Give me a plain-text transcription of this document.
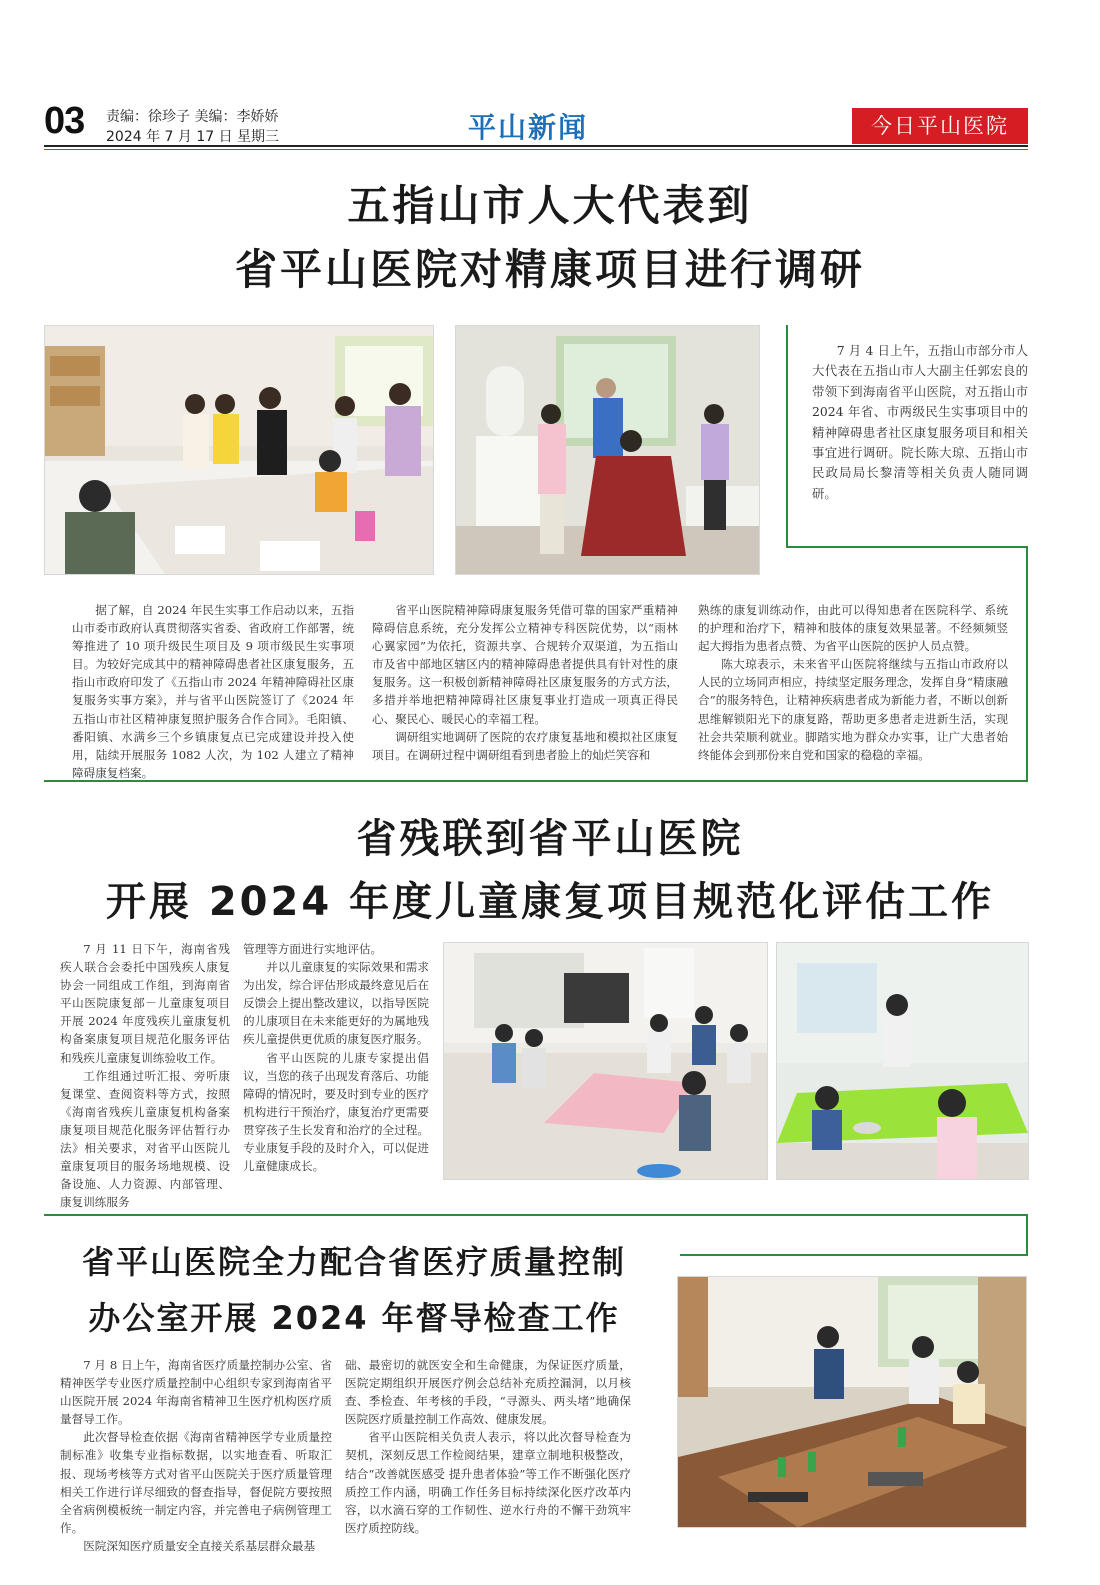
03 责编：徐珍子 美编：李娇娇
2024 年 7 月 17 日 星期三	平山新闻	今日平山医院
五指山市人大代表到
省平山医院对精康项目进行调研

7 月 4 日上午，五指山市部分市人大代表在五指山市人大副主任郭宏良的带领下到海南省平山医院，对五指山市 2024 年省、市两级民生实事项目中的精神障碍患者社区康复服务项目和相关事宜进行调研。院长陈大琼、五指山市民政局局长黎清等相关负责人随同调研。

据了解，自 2024 年民生实事工作启动以来，五指山市委市政府认真贯彻落实省委、省政府工作部署，统筹推进了 10 项升级民生项目及 9 项市级民生实事项目。为较好完成其中的精神障碍患者社区康复服务，五指山市政府印发了《五指山市 2024 年精神障碍社区康复服务实事方案》，并与省平山医院签订了《2024 年五指山市社区精神康复照护服务合作合同》。毛阳镇、番阳镇、水满乡三个乡镇康复点已完成建设并投入使用，陆续开展服务 1082 人次，为 102 人建立了精神障碍康复档案。

省平山医院精神障碍康复服务凭借可靠的国家严重精神障碍信息系统，充分发挥公立精神专科医院优势，以“雨林心翼家园”为依托，资源共享、合规转介双渠道，为五指山市及省中部地区辖区内的精神障碍患者提供具有针对性的康复服务。这一积极创新精神障碍社区康复服务的方式方法，多措并举地把精神障碍社区康复事业打造成一项真正得民心、聚民心、暖民心的幸福工程。

调研组实地调研了医院的农疗康复基地和模拟社区康复项目。在调研过程中调研组看到患者脸上的灿烂笑容和

熟练的康复训练动作，由此可以得知患者在医院科学、系统的护理和治疗下，精神和肢体的康复效果显著。不经频频竖起大拇指为患者点赞、为省平山医院的医护人员点赞。

陈大琼表示，未来省平山医院将继续与五指山市政府以人民的立场同声相应，持续坚定服务理念，发挥自身“精康融合”的服务特色，让精神疾病患者成为新能力者，不断以创新思维解锁阳光下的康复路，帮助更多患者走进新生活，实现社会共荣顺利就业。脚踏实地为群众办实事，让广大患者始终能体会到那份来自党和国家的稳稳的幸福。

省残联到省平山医院
开展 2024 年度儿童康复项目规范化评估工作

7 月 11 日下午，海南省残疾人联合会委托中国残疾人康复协会一同组成工作组，到海南省平山医院康复部－儿童康复项目开展 2024 年度残疾儿童康复机构备案康复项目规范化服务评估和残疾儿童康复训练验收工作。

工作组通过听汇报、旁听康复课堂、查阅资料等方式，按照《海南省残疾儿童康复机构备案康复项目规范化服务评估暂行办法》相关要求，对省平山医院儿童康复项目的服务场地规模、设备设施、人力资源、内部管理、康复训练服务

管理等方面进行实地评估。

并以儿童康复的实际效果和需求为出发，综合评估形成最终意见后在反馈会上提出整改建议，以指导医院的儿康项目在未来能更好的为属地残疾儿童提供更优质的康复医疗服务。

省平山医院的儿康专家提出倡议，当您的孩子出现发育落后、功能障碍的情况时，要及时到专业的医疗机构进行干预治疗，康复治疗更需要贯穿孩子生长发育和治疗的全过程。专业康复手段的及时介入，可以促进儿童健康成长。

省平山医院全力配合省医疗质量控制
办公室开展 2024 年督导检查工作

7 月 8 日上午，海南省医疗质量控制办公室、省精神医学专业医疗质量控制中心组织专家到海南省平山医院开展 2024 年海南省精神卫生医疗机构医疗质量督导工作。

此次督导检查依据《海南省精神医学专业质量控制标准》收集专业指标数据，以实地查看、听取汇报、现场考核等方式对省平山医院关于医疗质量管理相关工作进行详尽细致的督查指导，督促院方要按照全省病例模板统一制定内容，并完善电子病例管理工作。

医院深知医疗质量安全直接关系基层群众最基

础、最密切的就医安全和生命健康，为保证医疗质量，医院定期组织开展医疗例会总结补充质控漏洞，以月核查、季检查、年考核的手段，“寻源头、两头堵”地确保医院医疗质量控制工作高效、健康发展。

省平山医院相关负责人表示，将以此次督导检查为契机，深刻反思工作检阅结果，建章立制地积极整改，结合“改善就医感受 提升患者体验”等工作不断强化医疗质控工作内涵，明确工作任务目标持续深化医疗改革内容，以水滴石穿的工作韧性、逆水行舟的不懈干劲筑牢医疗质控防线。
